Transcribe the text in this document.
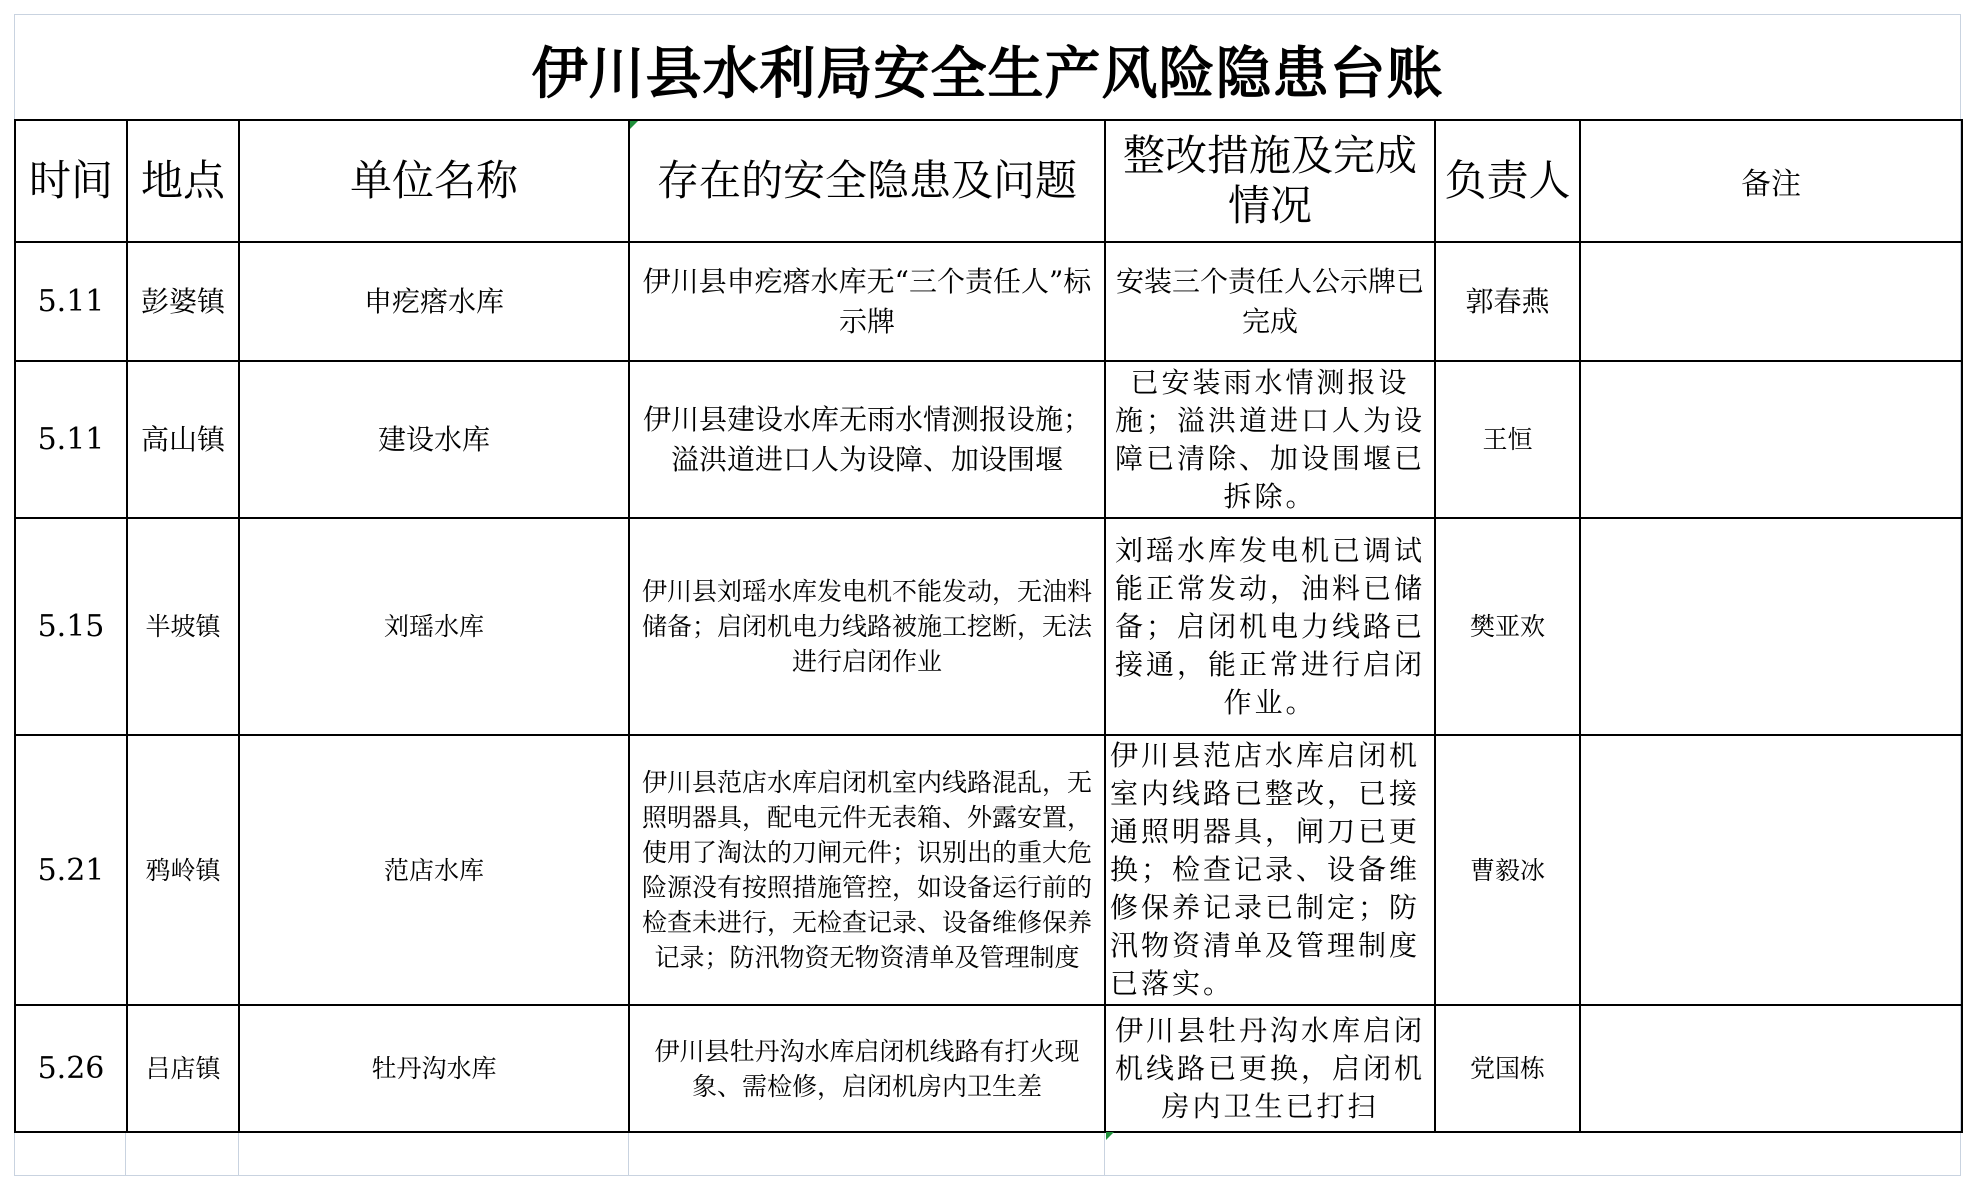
伊川县水利局安全生产风险隐患台账
时间	地点	单位名称	存在的安全隐患及问题	整改措施及完成情况	负责人	备注
5.11	彭婆镇	申疙瘩水库	伊川县申疙瘩水库无“三个责任人”标示牌	安装三个责任人公示牌已完成	郭春燕	
5.11	高山镇	建设水库	伊川县建设水库无雨水情测报设施；溢洪道进口人为设障、加设围堰	已安装雨水情测报设施；溢洪道进口人为设障已清除、加设围堰已拆除。	王恒	
5.15	半坡镇	刘瑶水库	伊川县刘瑶水库发电机不能发动，无油料储备；启闭机电力线路被施工挖断，无法进行启闭作业	刘瑶水库发电机已调试能正常发动，油料已储备；启闭机电力线路已接通，能正常进行启闭作业。	樊亚欢	
5.21	鸦岭镇	范店水库	伊川县范店水库启闭机室内线路混乱，无照明器具，配电元件无表箱、外露安置，使用了淘汰的刀闸元件；识别出的重大危险源没有按照措施管控，如设备运行前的检查未进行，无检查记录、设备维修保养记录；防汛物资无物资清单及管理制度	伊川县范店水库启闭机室内线路已整改，已接通照明器具，闸刀已更换；检查记录、设备维修保养记录已制定；防汛物资清单及管理制度已落实。	曹毅冰	
5.26	吕店镇	牡丹沟水库	伊川县牡丹沟水库启闭机线路有打火现象、需检修，启闭机房内卫生差	伊川县牡丹沟水库启闭机线路已更换，启闭机房内卫生已打扫	党国栋	
